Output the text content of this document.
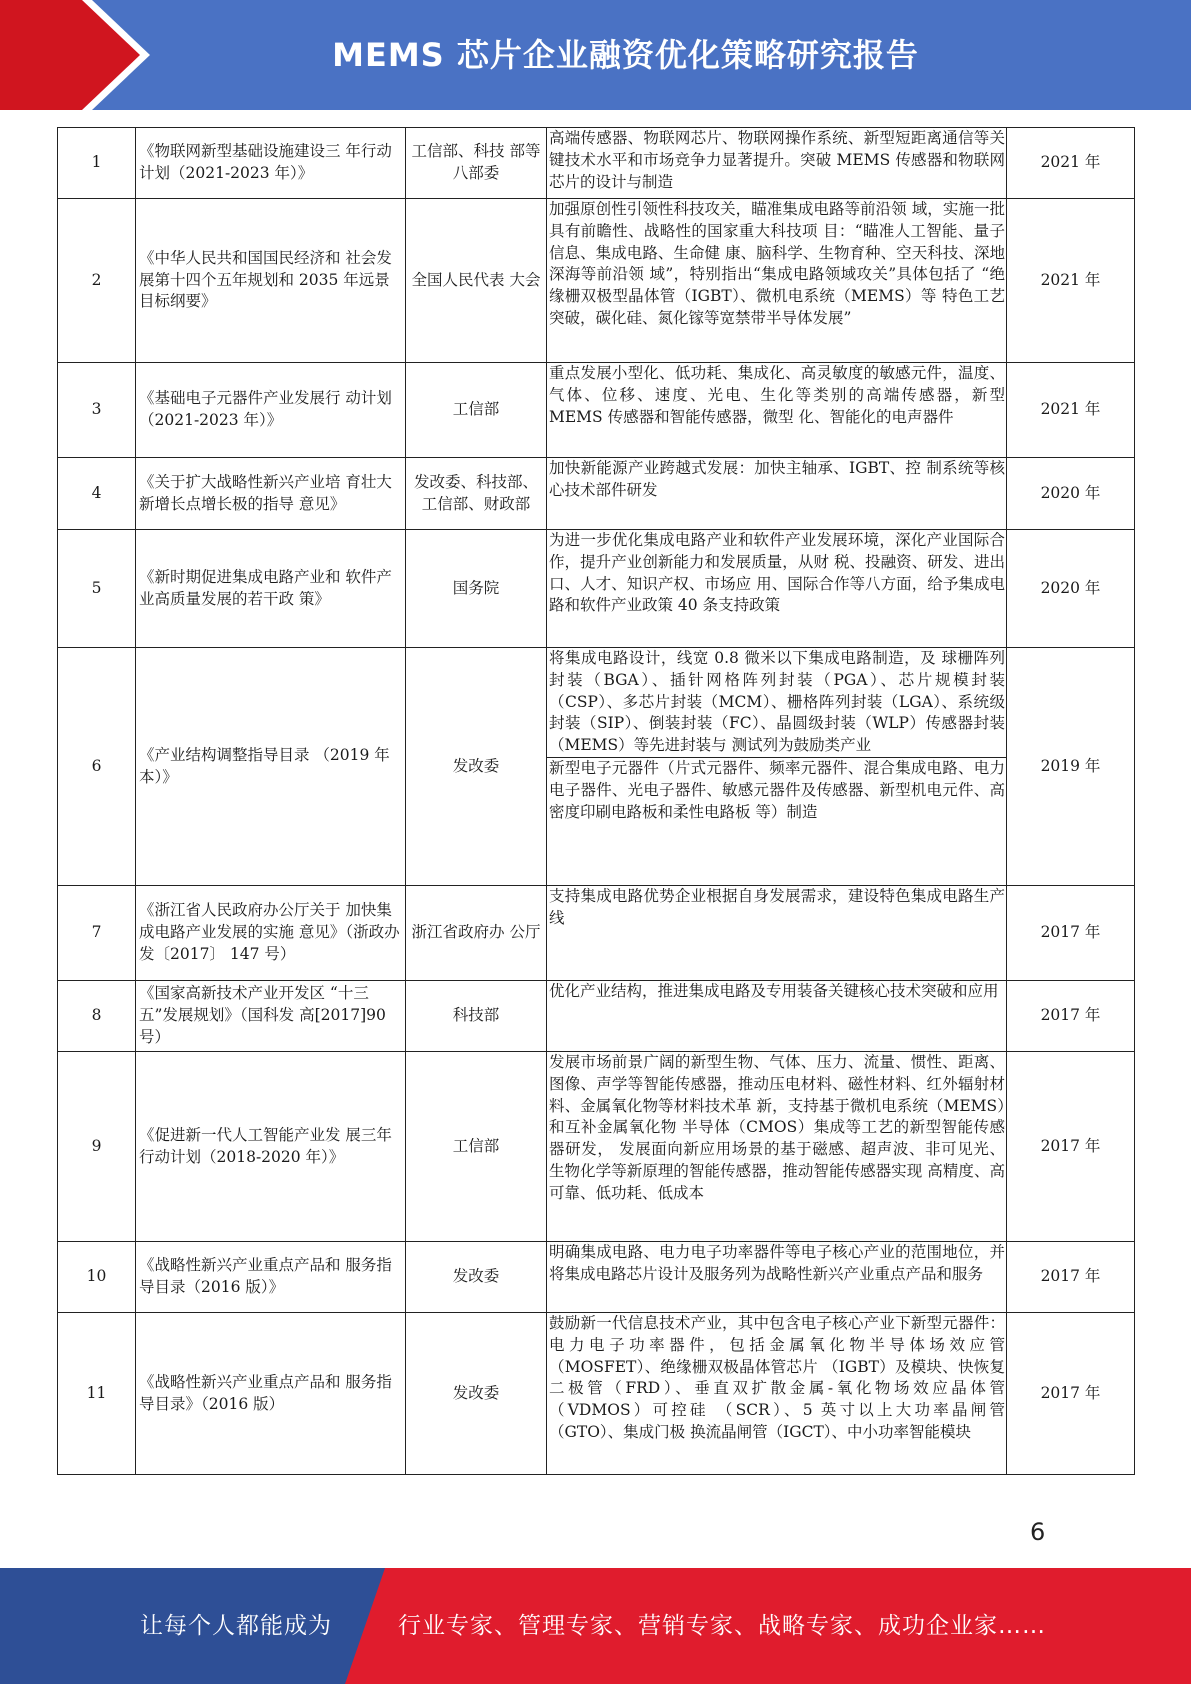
MEMS 芯片企业融资优化策略研究报告
1	《物联网新型基础设施建设三 年行动计划（2021-2023 年）》	工信部、科技 部等八部委	高端传感器、物联网芯片、物联网操作系统、新型短距离通信等关键技术水平和市场竞争力显著提升。突破 MEMS 传感器和物联网芯片的设计与制造	2021 年
2	《中华人民共和国国民经济和 社会发展第十四个五年规划和 2035 年远景目标纲要》	全国人民代表 大会	加强原创性引领性科技攻关，瞄准集成电路等前沿领 域，实施一批具有前瞻性、战略性的国家重大科技项 目：“瞄准人工智能、量子信息、集成电路、生命健 康、脑科学、生物育种、空天科技、深地深海等前沿领 域”，特别指出“集成电路领域攻关”具体包括了 “绝 缘栅双极型晶体管（IGBT）、微机电系统（MEMS）等 特色工艺突破，碳化硅、氮化镓等宽禁带半导体发展”	2021 年
3	《基础电子元器件产业发展行 动计划（2021-2023 年）》	工信部	重点发展小型化、低功耗、集成化、高灵敏度的敏感元件，温度、气体、位移、速度、光电、生化等类别的高端传感器，新型 MEMS 传感器和智能传感器，微型 化、智能化的电声器件	2021 年
4	《关于扩大战略性新兴产业培 育壮大新增长点增长极的指导 意见》	发改委、科技部、工信部、财政部	加快新能源产业跨越式发展：加快主轴承、IGBT、控 制系统等核心技术部件研发	2020 年
5	《新时期促进集成电路产业和 软件产业高质量发展的若干政 策》	国务院	为进一步优化集成电路产业和软件产业发展环境，深化产业国际合作，提升产业创新能力和发展质量，从财 税、投融资、研发、进出口、人才、知识产权、市场应 用、国际合作等八方面，给予集成电路和软件产业政策 40 条支持政策	2020 年
6	《产业结构调整指导目录 （2019 年本）》	发改委	将集成电路设计，线宽 0.8 微米以下集成电路制造，及 球栅阵列封装（BGA）、插针网格阵列封装（PGA）、芯片规模封装（CSP）、多芯片封装（MCM）、栅格阵列封装（LGA）、系统级封装（SIP）、倒装封装（FC）、晶圆级封装（WLP）传感器封装（MEMS）等先进封装与 测试列为鼓励类产业
新型电子元器件（片式元器件、频率元器件、混合集成电路、电力电子器件、光电子器件、敏感元器件及传感器、新型机电元件、高密度印刷电路板和柔性电路板 等）制造	2019 年
7	《浙江省人民政府办公厅关于 加快集成电路产业发展的实施 意见》（浙政办发〔2017〕 147 号）	浙江省政府办 公厅	支持集成电路优势企业根据自身发展需求，建设特色集成电路生产线	2017 年
8	《国家高新技术产业开发区 “十三五”发展规划》（国科发 高[2017]90 号）	科技部	优化产业结构，推进集成电路及专用装备关键核心技术突破和应用	2017 年
9	《促进新一代人工智能产业发 展三年行动计划（2018-2020 年）》	工信部	发展市场前景广阔的新型生物、气体、压力、流量、惯性、距离、图像、声学等智能传感器，推动压电材料、磁性材料、红外辐射材料、金属氧化物等材料技术革 新，支持基于微机电系统（MEMS）和互补金属氧化物 半导体（CMOS）集成等工艺的新型智能传感器研发， 发展面向新应用场景的基于磁感、超声波、非可见光、 生物化学等新原理的智能传感器，推动智能传感器实现 高精度、高可靠、低功耗、低成本	2017 年
10	《战略性新兴产业重点产品和 服务指导目录（2016 版）》	发改委	明确集成电路、电力电子功率器件等电子核心产业的范围地位，并将集成电路芯片设计及服务列为战略性新兴产业重点产品和服务	2017 年
11	《战略性新兴产业重点产品和 服务指导目录》（2016 版）	发改委	鼓励新一代信息技术产业，其中包含电子核心产业下新型元器件：电力电子功率器件，包括金属氧化物半导体场效应管（MOSFET）、绝缘栅双极晶体管芯片 （IGBT）及模块、快恢复二极管（FRD）、垂直双扩散金属-氧化物场效应晶体管（VDMOS）可控硅 （SCR）、5 英寸以上大功率晶闸管（GTO）、集成门极 换流晶闸管（IGCT）、中小功率智能模块	2017 年
6
让每个人都能成为	行业专家、管理专家、营销专家、战略专家、成功企业家……
